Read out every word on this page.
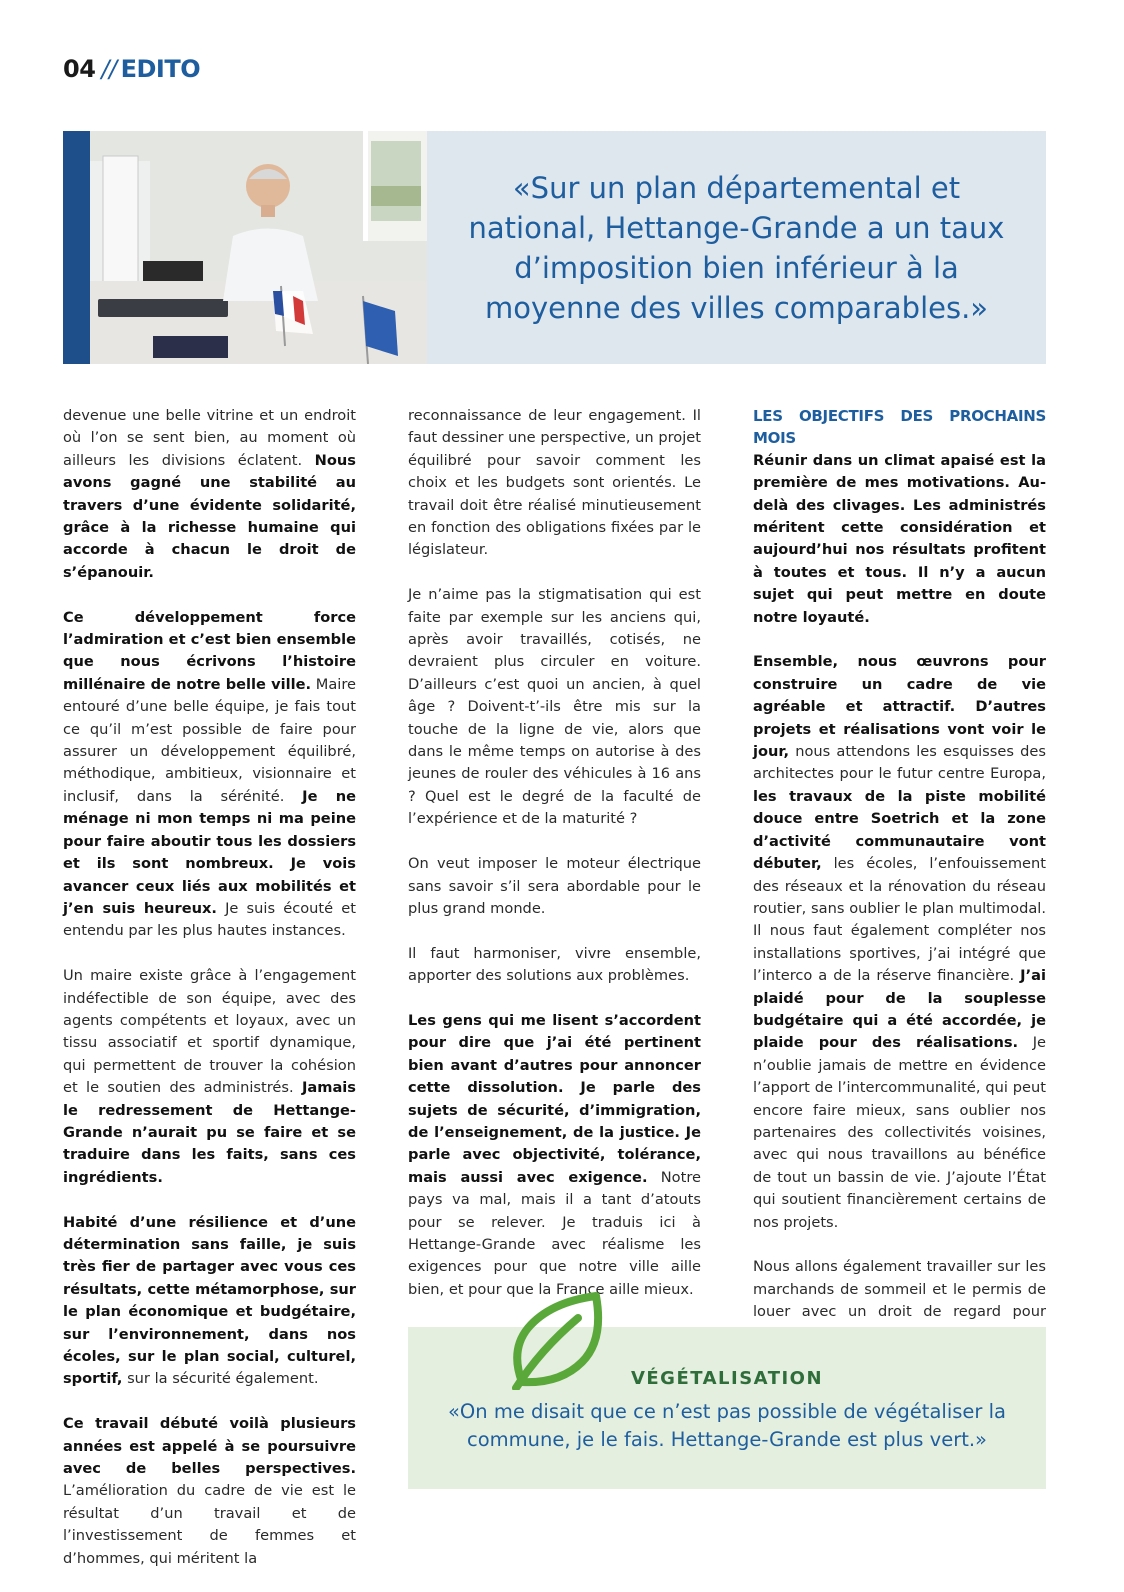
04 // EDITO

«Sur un plan départemental et national, Hettange-Grande a un taux d’imposition bien inférieur à la moyenne des villes comparables.»

devenue une belle vitrine et un endroit où l’on se sent bien, au moment où ailleurs les divisions éclatent. Nous avons gagné une stabilité au travers d’une évidente solidarité, grâce à la richesse humaine qui accorde à chacun le droit de s’épanouir.

Ce développement force l’admiration et c’est bien ensemble que nous écrivons l’histoire millénaire de notre belle ville. Maire entouré d’une belle équipe, je fais tout ce qu’il m’est possible de faire pour assurer un développement équilibré, méthodique, ambitieux, visionnaire et inclusif, dans la sérénité. Je ne ménage ni mon temps ni ma peine pour faire aboutir tous les dossiers et ils sont nombreux. Je vois avancer ceux liés aux mobilités et j’en suis heureux. Je suis écouté et entendu par les plus hautes instances.

Un maire existe grâce à l’engagement indéfectible de son équipe, avec des agents compétents et loyaux, avec un tissu associatif et sportif dynamique, qui permettent de trouver la cohésion et le soutien des administrés. Jamais le redressement de Hettange-Grande n’aurait pu se faire et se traduire dans les faits, sans ces ingrédients.

Habité d’une résilience et d’une détermination sans faille, je suis très fier de partager avec vous ces résultats, cette métamorphose, sur le plan économique et budgétaire, sur l’environnement, dans nos écoles, sur le plan social, culturel, sportif, sur la sécurité également.

Ce travail débuté voilà plusieurs années est appelé à se poursuivre avec de belles perspectives. L’amélioration du cadre de vie est le résultat d’un travail et de l’investissement de femmes et d’hommes, qui méritent la

reconnaissance de leur engagement. Il faut dessiner une perspective, un projet équilibré pour savoir comment les choix et les budgets sont orientés. Le travail doit être réalisé minutieusement en fonction des obligations fixées par le législateur.

Je n’aime pas la stigmatisation qui est faite par exemple sur les anciens qui, après avoir travaillés, cotisés, ne devraient plus circuler en voiture. D’ailleurs c’est quoi un ancien, à quel âge ? Doivent-t’-ils être mis sur la touche de la ligne de vie, alors que dans le même temps on autorise à des jeunes de rouler des véhicules à 16 ans ? Quel est le degré de la faculté de l’expérience et de la maturité ?

On veut imposer le moteur électrique sans savoir s’il sera abordable pour le plus grand monde.

Il faut harmoniser, vivre ensemble, apporter des solutions aux problèmes.

Les gens qui me lisent s’accordent pour dire que j’ai été pertinent bien avant d’autres pour annoncer cette dissolution. Je parle des sujets de sécurité, d’immigration, de l’enseignement, de la justice. Je parle avec objectivité, tolérance, mais aussi avec exigence. Notre pays va mal, mais il a tant d’atouts pour se relever. Je traduis ici à Hettange-Grande avec réalisme les exigences pour que notre ville aille bien, et pour que la France aille mieux.

LES OBJECTIFS DES PROCHAINS MOIS

Réunir dans un climat apaisé est la première de mes motivations. Au-delà des clivages. Les administrés méritent cette considération et aujourd’hui nos résultats profitent à toutes et tous. Il n’y a aucun sujet qui peut mettre en doute notre loyauté.

Ensemble, nous œuvrons pour construire un cadre de vie agréable et attractif. D’autres projets et réalisations vont voir le jour, nous attendons les esquisses des architectes pour le futur centre Europa, les travaux de la piste mobilité douce entre Soetrich et la zone d’activité communautaire vont débuter, les écoles, l’enfouissement des réseaux et la rénovation du réseau routier, sans oublier le plan multimodal. Il nous faut également compléter nos installations sportives, j’ai intégré que l’interco a de la réserve financière. J’ai plaidé pour de la souplesse budgétaire qui a été accordée, je plaide pour des réalisations. Je n’oublie jamais de mettre en évidence l’apport de l’intercommunalité, qui peut encore faire mieux, sans oublier nos partenaires des collectivités voisines, avec qui nous travaillons au bénéfice de tout un bassin de vie. J’ajoute l’État qui soutient financièrement certains de nos projets.

Nous allons également travailler sur les marchands de sommeil et le permis de louer avec un droit de regard pour

VÉGÉTALISATION
«On me disait que ce n’est pas possible de végétaliser la commune, je le fais. Hettange-Grande est plus vert.»
